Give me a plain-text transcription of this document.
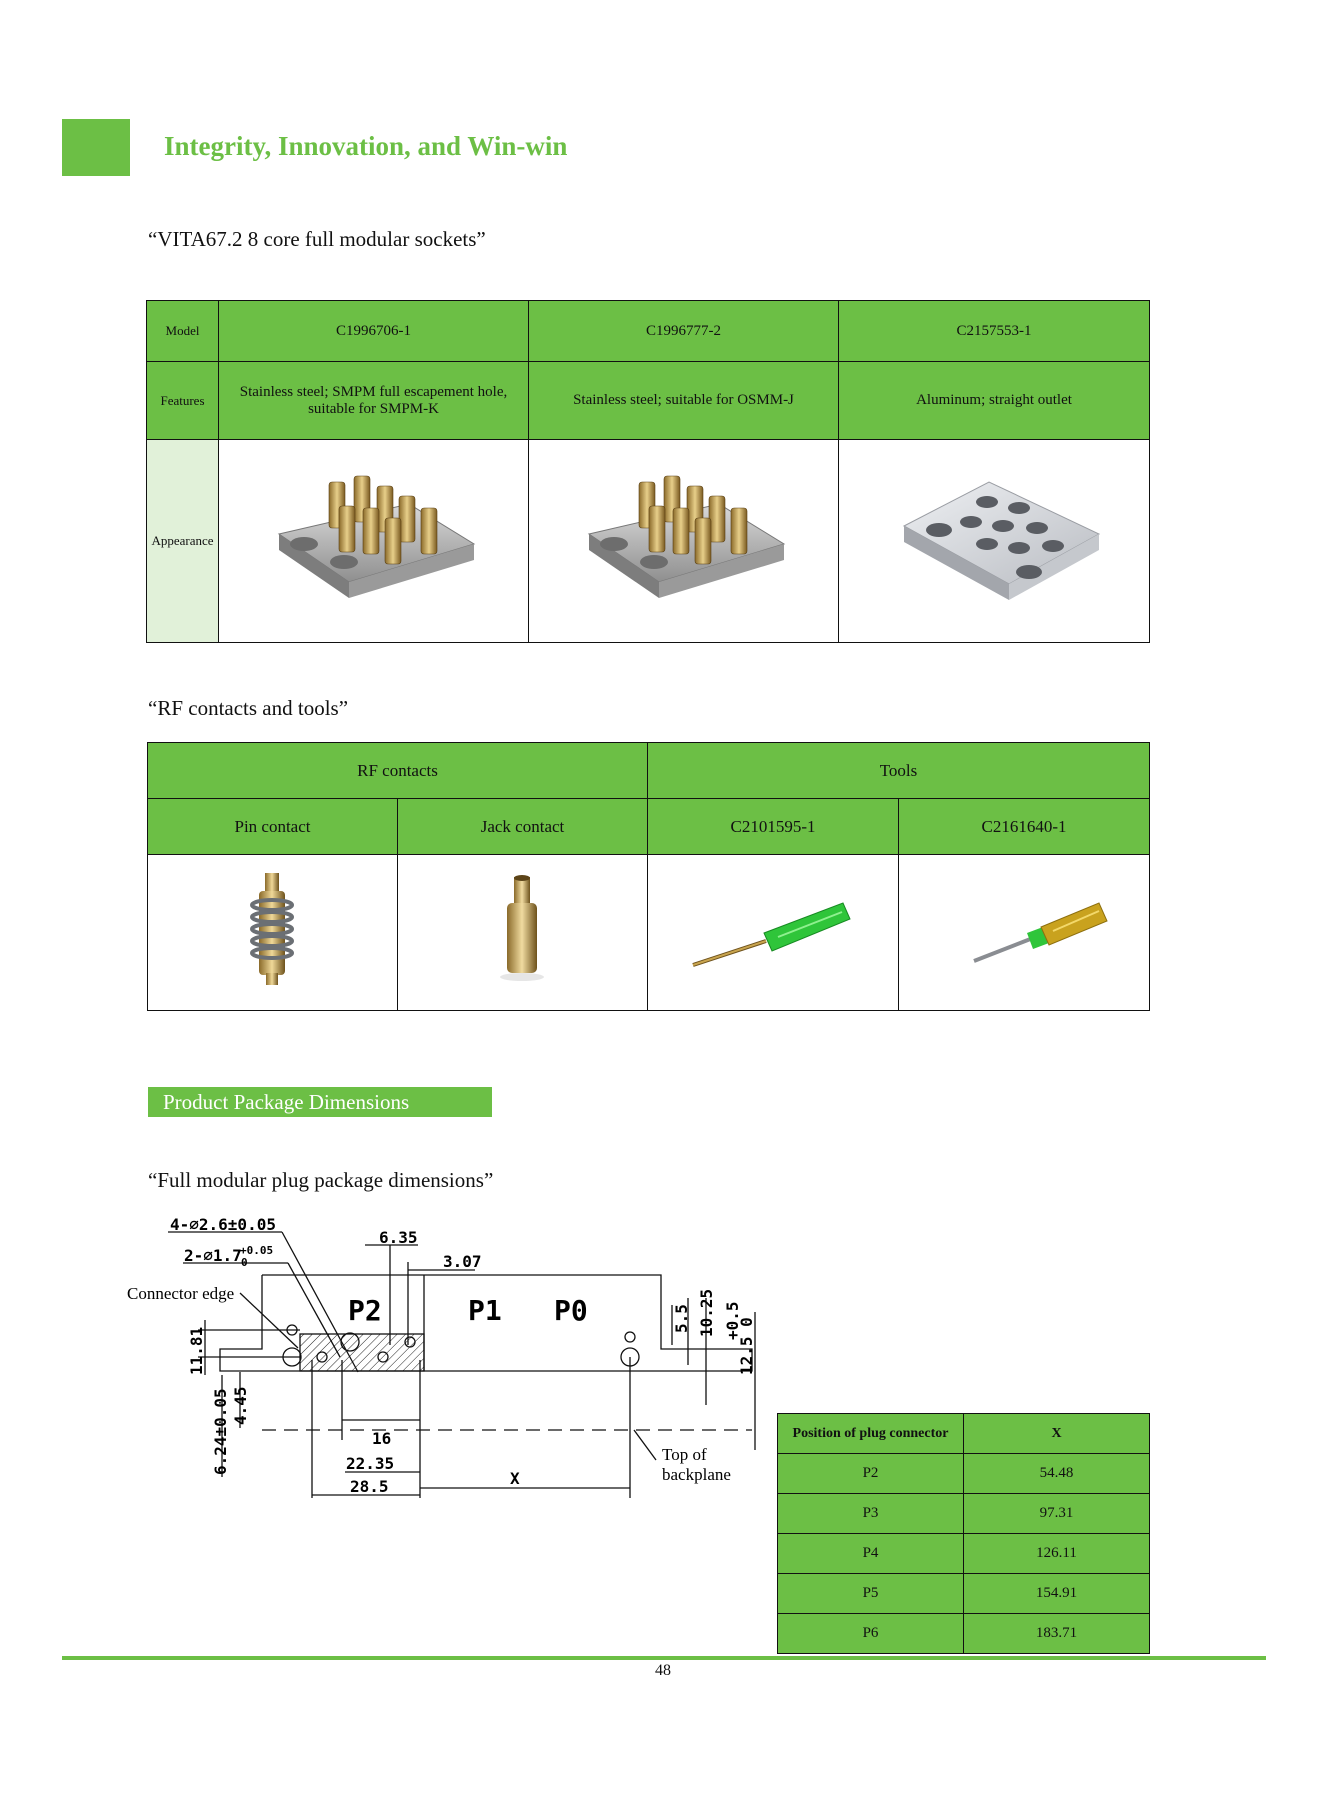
Integrity, Innovation, and Win-win
“VITA67.2 8 core full modular sockets”
Model	C1996706-1	C1996777-2	C2157553-1
Features	Stainless steel; SMPM full escapement hole, suitable for SMPM-K	Stainless steel; suitable for OSMM-J	Aluminum; straight outlet
Appearance			
“RF contacts and tools”
RF contacts		Tools	
Pin contact	Jack contact	C2101595-1	C2161640-1

Product Package Dimensions
“Full modular plug package dimensions”
4-⌀2.6±0.05
2-⌀1.7
+0.05
0
Connector edge
P2	P1 P0
6.35
3.07
16
22.35
28.5	X
Top of
backplane
11.81
4.45
6.24±0.05
5.5 10.25 +0.5
12.5 0
Position of plug connector	X
P2	54.48
P3	97.31
P4	126.11
P5	154.91
P6	183.71
48
